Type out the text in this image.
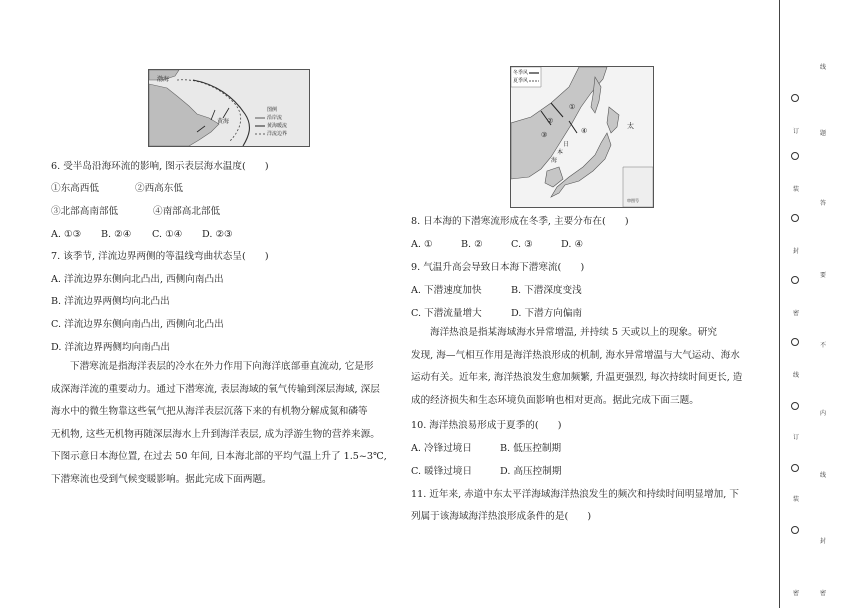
渤海
黄海
图例
沿岸流
黄海暖流
洋流边界
冬季风
夏季风
①
②
③	④
日
本
海
太
审图号
6. 受半岛沿海环流的影响, 图示表层海水温度(　　)
①东高西低	②西高东低
③北部高南部低	④南部高北部低
A. ①③ B. ②④ C. ①④ D. ②③
7. 该季节, 洋流边界两侧的等温线弯曲状态呈(　　)
A. 洋流边界东侧向北凸出, 西侧向南凸出
B. 洋流边界两侧均向北凸出
C. 洋流边界东侧向南凸出, 西侧向北凸出
D. 洋流边界两侧均向南凸出
下潜寒流是指海洋表层的冷水在外力作用下向海洋底部垂直流动, 它是形
成深海洋流的重要动力。通过下潜寒流, 表层海域的氧气传输到深层海域, 深层
海水中的微生物靠这些氧气把从海洋表层沉落下来的有机物分解成氮和磷等
无机物, 这些无机物再随深层海水上升到海洋表层, 成为浮游生物的营养来源。
下图示意日本海位置, 在过去 50 年间, 日本海北部的平均气温上升了 1.5~3℃,
下潜寒流也受到气候变暖影响。据此完成下面两题。
8. 日本海的下潜寒流形成在冬季, 主要分布在(　　)
A. ①	B. ②	C. ③	D. ④
9. 气温升高会导致日本海下潜寒流(　　)
A. 下潜速度加快	B. 下潜深度变浅
C. 下潜流量增大	D. 下潜方向偏南
海洋热浪是指某海域海水异常增温, 并持续 5 天或以上的现象。研究
发现, 海—气相互作用是海洋热浪形成的机制, 海水异常增温与大气运动、海水
运动有关。近年来, 海洋热浪发生愈加频繁, 升温更强烈, 每次持续时间更长, 造
成的经济损失和生态环境负面影响也相对更高。据此完成下面三题。
10. 海洋热浪易形成于夏季的(　　)
A. 冷锋过境日	B. 低压控制期
C. 暖锋过境日	D. 高压控制期
11. 近年来, 赤道中东太平洋海域海洋热浪发生的频次和持续时间明显增加, 下
列属于该海域海洋热浪形成条件的是(　　)
线
题
订
答
装
要
封
不
密
内
线
订
线
装
封
密	密
